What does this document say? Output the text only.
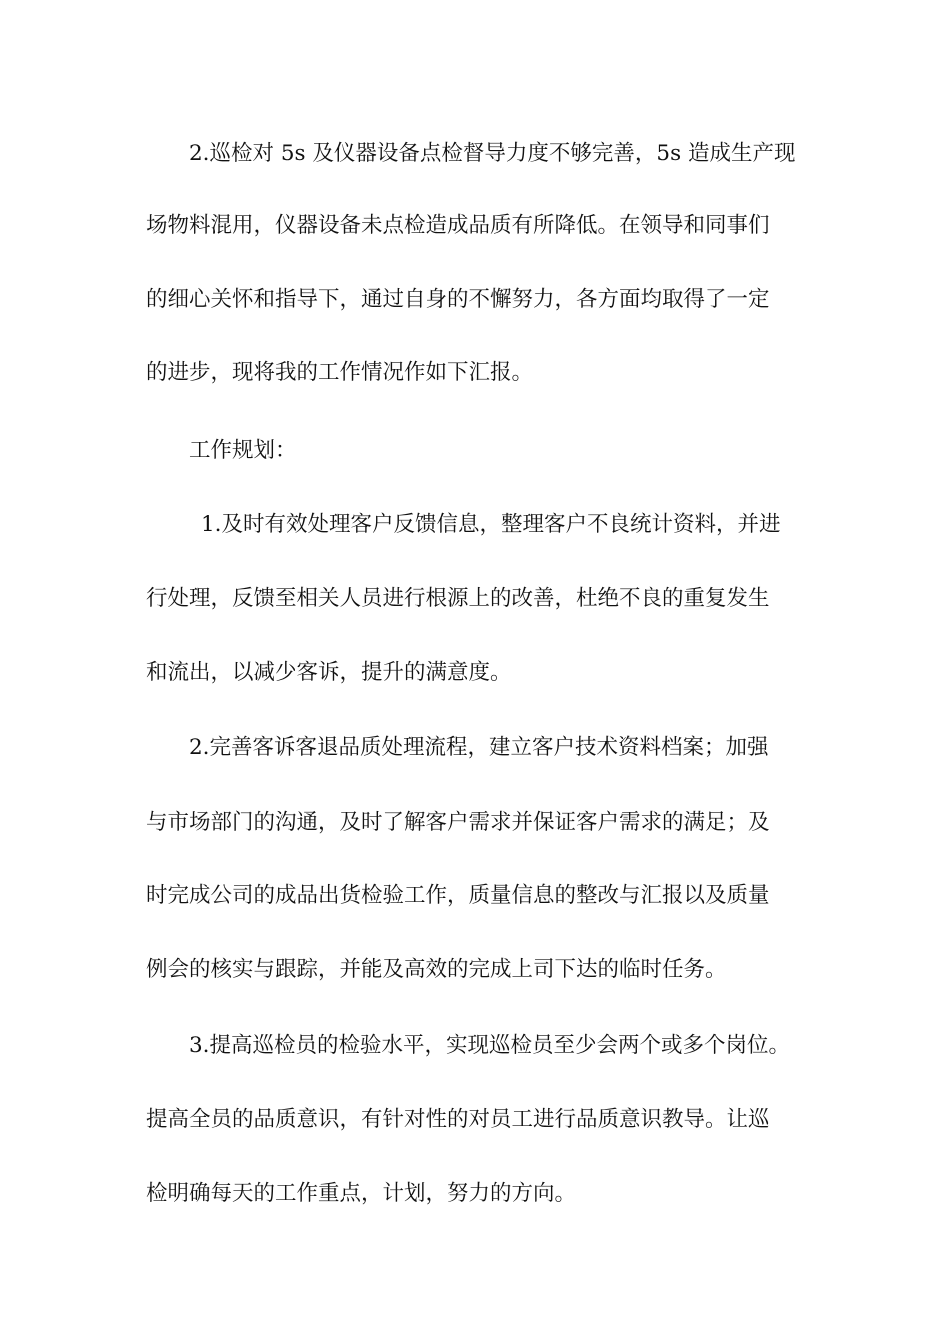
2.巡检对 5s 及仪器设备点检督导力度不够完善，5s 造成生产现
场物料混用，仪器设备未点检造成品质有所降低。在领导和同事们
的细心关怀和指导下，通过自身的不懈努力，各方面均取得了一定
的进步，现将我的工作情况作如下汇报。
工作规划：
1.及时有效处理客户反馈信息，整理客户不良统计资料，并进
行处理，反馈至相关人员进行根源上的改善，杜绝不良的重复发生
和流出，以减少客诉，提升的满意度。
2.完善客诉客退品质处理流程，建立客户技术资料档案；加强
与市场部门的沟通，及时了解客户需求并保证客户需求的满足；及
时完成公司的成品出货检验工作，质量信息的整改与汇报以及质量
例会的核实与跟踪，并能及高效的完成上司下达的临时任务。
3.提高巡检员的检验水平，实现巡检员至少会两个或多个岗位。
提高全员的品质意识，有针对性的对员工进行品质意识教导。让巡
检明确每天的工作重点，计划，努力的方向。
